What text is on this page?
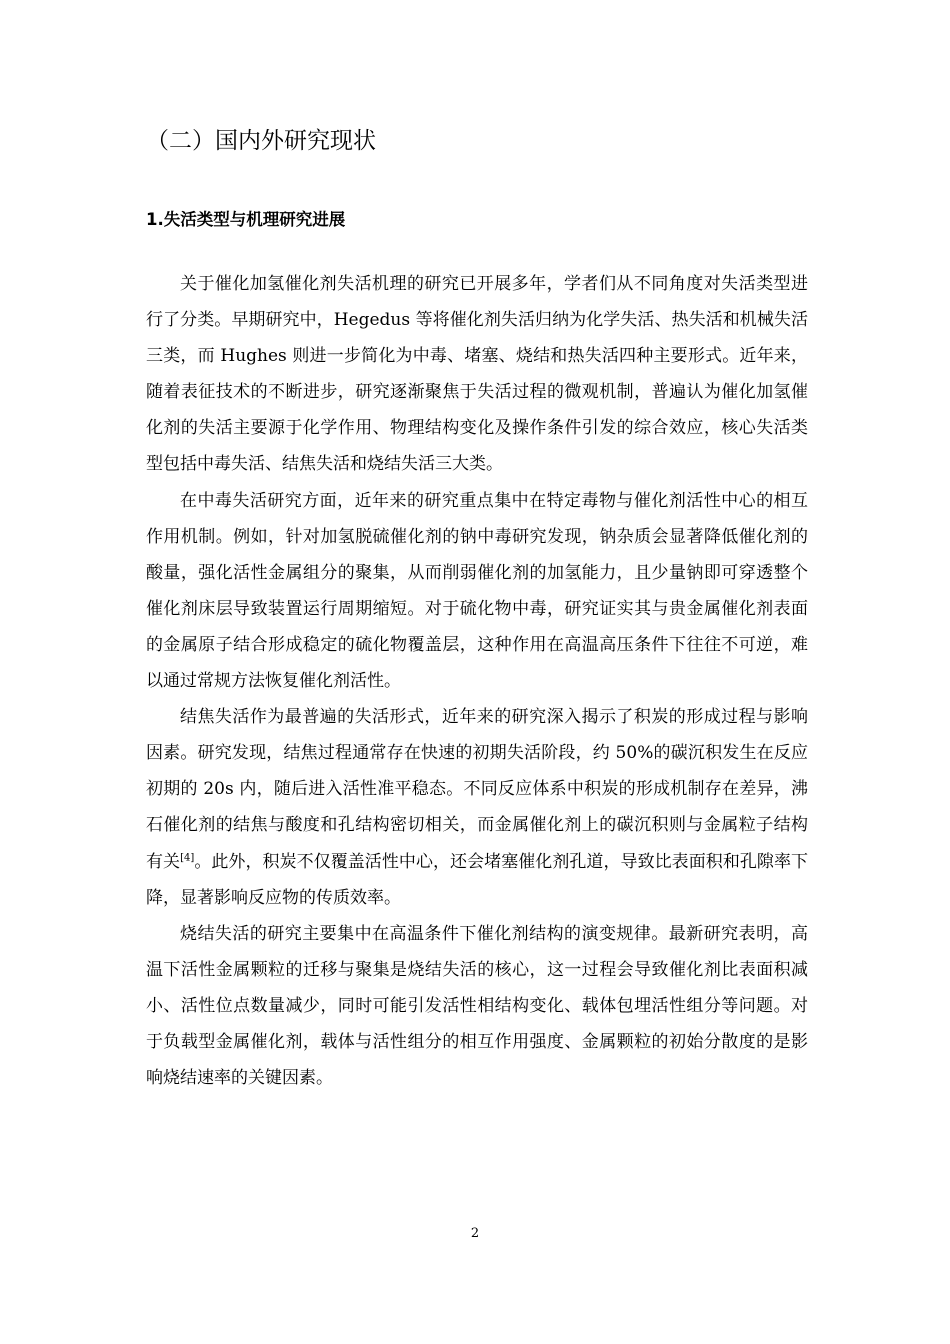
（二）国内外研究现状
1.失活类型与机理研究进展

关于催化加氢催化剂失活机理的研究已开展多年，学者们从不同角度对失活类型进行了分类。早期研究中，Hegedus 等将催化剂失活归纳为化学失活、热失活和机械失活三类，而 Hughes 则进一步简化为中毒、堵塞、烧结和热失活四种主要形式。近年来，随着表征技术的不断进步，研究逐渐聚焦于失活过程的微观机制，普遍认为催化加氢催化剂的失活主要源于化学作用、物理结构变化及操作条件引发的综合效应，核心失活类型包括中毒失活、结焦失活和烧结失活三大类。

在中毒失活研究方面，近年来的研究重点集中在特定毒物与催化剂活性中心的相互作用机制。例如，针对加氢脱硫催化剂的钠中毒研究发现，钠杂质会显著降低催化剂的酸量，强化活性金属组分的聚集，从而削弱催化剂的加氢能力，且少量钠即可穿透整个催化剂床层导致装置运行周期缩短。对于硫化物中毒，研究证实其与贵金属催化剂表面的金属原子结合形成稳定的硫化物覆盖层，这种作用在高温高压条件下往往不可逆，难以通过常规方法恢复催化剂活性。

结焦失活作为最普遍的失活形式，近年来的研究深入揭示了积炭的形成过程与影响因素。研究发现，结焦过程通常存在快速的初期失活阶段，约 50%的碳沉积发生在反应初期的 20s 内，随后进入活性准平稳态。不同反应体系中积炭的形成机制存在差异，沸石催化剂的结焦与酸度和孔结构密切相关，而金属催化剂上的碳沉积则与金属粒子结构有关[4]。此外，积炭不仅覆盖活性中心，还会堵塞催化剂孔道，导致比表面积和孔隙率下降，显著影响反应物的传质效率。

烧结失活的研究主要集中在高温条件下催化剂结构的演变规律。最新研究表明，高温下活性金属颗粒的迁移与聚集是烧结失活的核心，这一过程会导致催化剂比表面积减小、活性位点数量减少，同时可能引发活性相结构变化、载体包埋活性组分等问题。对于负载型金属催化剂，载体与活性组分的相互作用强度、金属颗粒的初始分散度的是影响烧结速率的关键因素。

2
